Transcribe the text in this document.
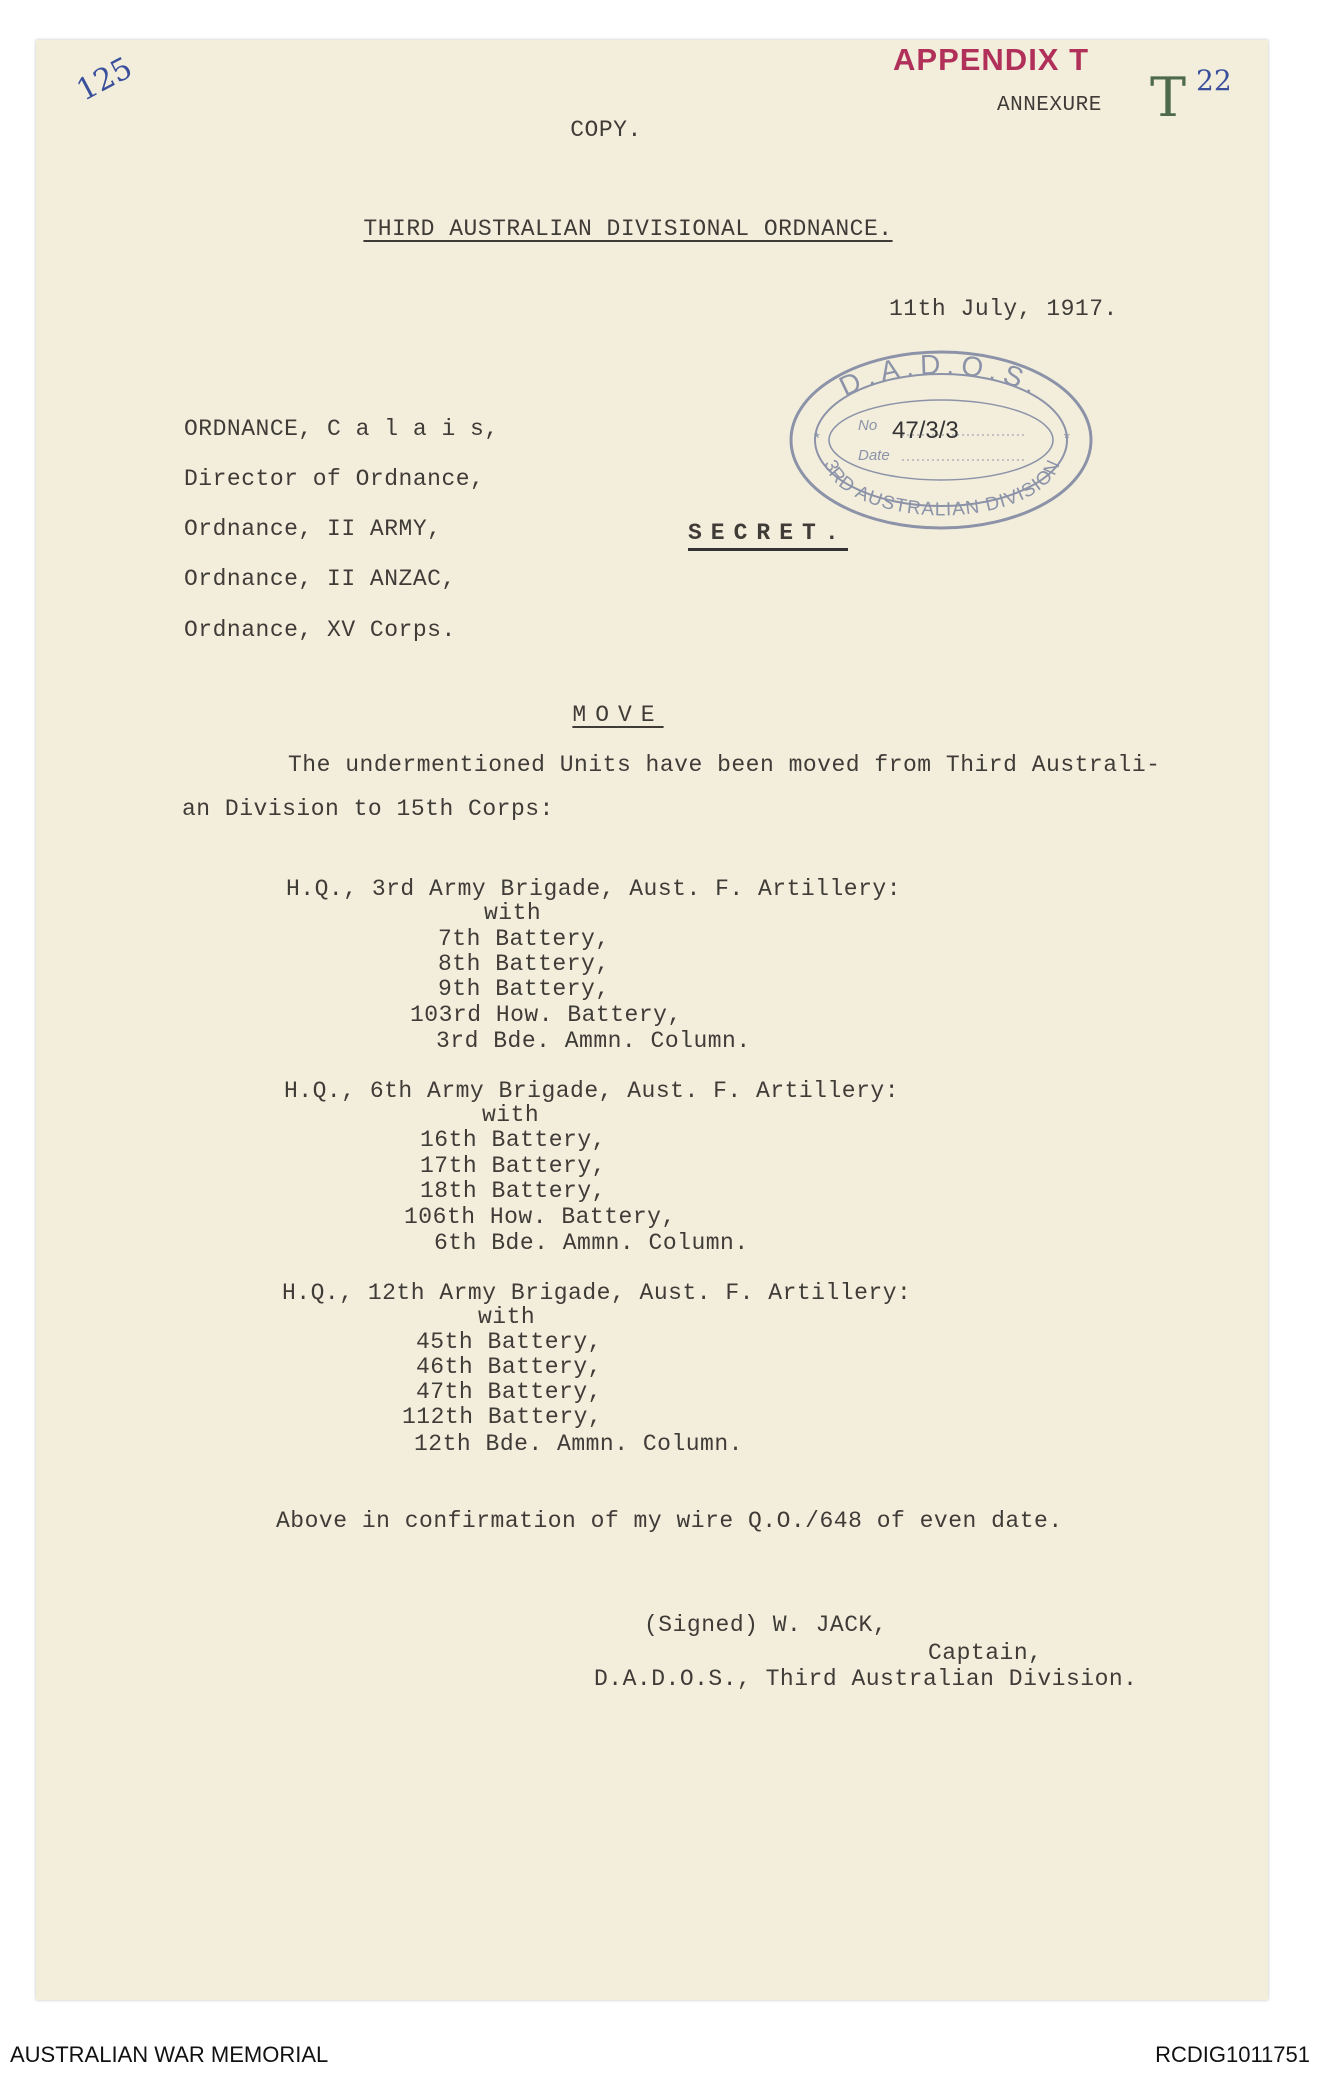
125	APPENDIX T
ANNEXURE T 22
COPY.
THIRD AUSTRALIAN DIVISIONAL ORDNANCE.
11th July, 1917.
D.A.D.O.S.
3RD AUSTRALIAN DIVISION
No 47/3/3
Date
*	*
ORDNANCE, C a l a i s,
Director of Ordnance,
Ordnance, II ARMY,
Ordnance, II ANZAC,
Ordnance, XV Corps.
SECRET.
MOVE
The undermentioned Units have been moved from Third Australi-
an Division to 15th Corps:
H.Q., 3rd Army Brigade, Aust. F. Artillery:
with
7th Battery,
8th Battery,
9th Battery,
103rd How. Battery,
3rd Bde. Ammn. Column.
H.Q., 6th Army Brigade, Aust. F. Artillery:
with
16th Battery,
17th Battery,
18th Battery,
106th How. Battery,
6th Bde. Ammn. Column.
H.Q., 12th Army Brigade, Aust. F. Artillery:
with
45th Battery,
46th Battery,
47th Battery,
112th Battery,
12th Bde. Ammn. Column.
Above in confirmation of my wire Q.O./648 of even date.
(Signed) W. JACK,
Captain,
D.A.D.O.S., Third Australian Division.
AUSTRALIAN WAR MEMORIAL	RCDIG1011751
